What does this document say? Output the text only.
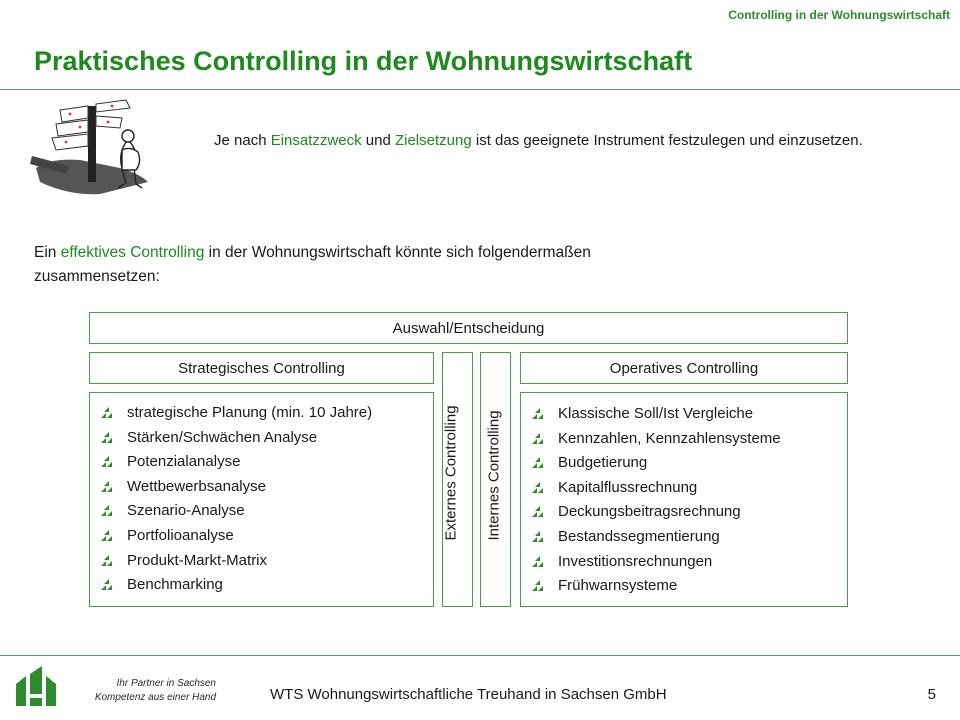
Controlling in der Wohnungswirtschaft
Praktisches Controlling in der Wohnungswirtschaft
Je nach Einsatzzweck und Zielsetzung ist das geeignete Instrument festzulegen und einzusetzen.
Ein effektives Controlling in der Wohnungswirtschaft könnte sich folgendermaßen zusammensetzen:
Auswahl/Entscheidung
Strategisches Controlling	Operatives Controlling
Externes Controlling Internes Controlling
strategische Planung (min. 10 Jahre)
Stärken/Schwächen Analyse
Potenzialanalyse
Wettbewerbsanalyse
Szenario-Analyse
Portfolioanalyse
Produkt-Markt-Matrix
Benchmarking
Klassische Soll/Ist Vergleiche
Kennzahlen, Kennzahlensysteme
Budgetierung
Kapitalflussrechnung
Deckungsbeitragsrechnung
Bestandssegmentierung
Investitionsrechnungen
Frühwarnsysteme
Ihr Partner in Sachsen
Kompetenz aus einer Hand	WTS Wohnungswirtschaftliche Treuhand in Sachsen GmbH	5
